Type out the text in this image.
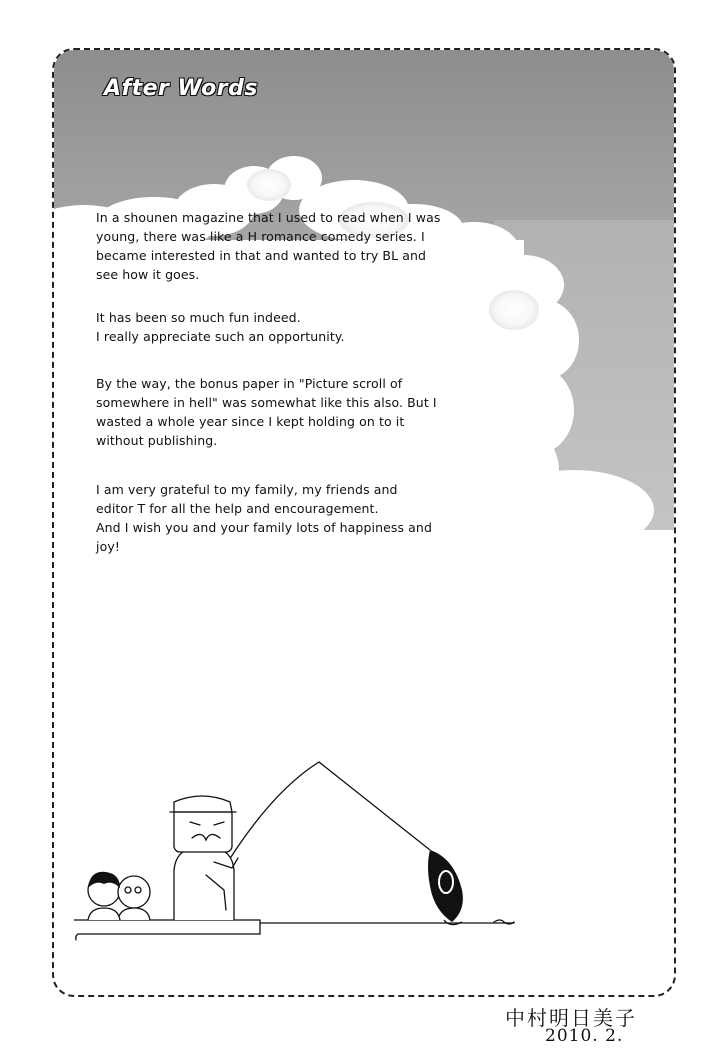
After Words

In a shounen magazine that I used to read when I was

young, there was like a H romance comedy series. I

became interested in that and wanted to try BL and

see how it goes.

It has been so much fun indeed.

I really appreciate such an opportunity.

By the way, the bonus paper in "Picture scroll of

somewhere in hell" was somewhat like this also. But I

wasted a whole year since I kept holding on to it

without publishing.

I am very grateful to my family, my friends and

editor T for all the help and encouragement.

And I wish you and your family lots of happiness and

joy!

中村明日美子
2010. 2.
